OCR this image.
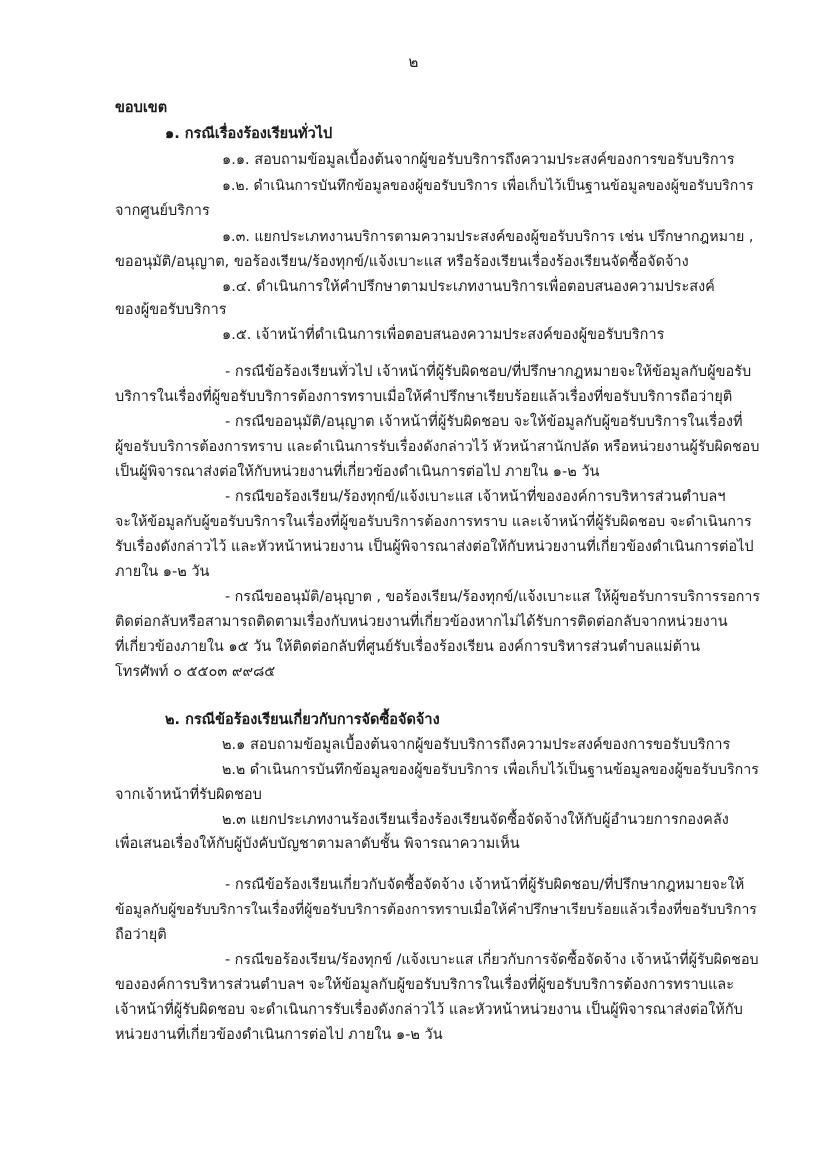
๒
ขอบเขต
๑. กรณีเรื่องร้องเรียนทั่วไป
๑.๑. สอบถามข้อมูลเบื้องต้นจากผู้ขอรับบริการถึงความประสงค์ของการขอรับบริการ
๑.๒. ดำเนินการบันทึกข้อมูลของผู้ขอรับบริการ เพื่อเก็บไว้เป็นฐานข้อมูลของผู้ขอรับบริการ
จากศูนย์บริการ
๑.๓. แยกประเภทงานบริการตามความประสงค์ของผู้ขอรับบริการ เช่น ปรึกษากฎหมาย ,
ขออนุมัติ/อนุญาต, ขอร้องเรียน/ร้องทุกข์/แจ้งเบาะแส หรือร้องเรียนเรื่องร้องเรียนจัดซื้อจัดจ้าง
๑.๔. ดำเนินการให้คำปรึกษาตามประเภทงานบริการเพื่อตอบสนองความประสงค์
ของผู้ขอรับบริการ
๑.๕. เจ้าหน้าที่ดำเนินการเพื่อตอบสนองความประสงค์ของผู้ขอรับบริการ
- กรณีข้อร้องเรียนทั่วไป เจ้าหน้าที่ผู้รับผิดชอบ/ที่ปรึกษากฎหมายจะให้ข้อมูลกับผู้ขอรับ
บริการในเรื่องที่ผู้ขอรับบริการต้องการทราบเมื่อให้คำปรึกษาเรียบร้อยแล้วเรื่องที่ขอรับบริการถือว่ายุติ
- กรณีขออนุมัติ/อนุญาต เจ้าหน้าที่ผู้รับผิดชอบ จะให้ข้อมูลกับผู้ขอรับบริการในเรื่องที่
ผู้ขอรับบริการต้องการทราบ และดำเนินการรับเรื่องดังกล่าวไว้ หัวหน้าสานักปลัด หรือหน่วยงานผู้รับผิดชอบ
เป็นผู้พิจารณาส่งต่อให้กับหน่วยงานที่เกี่ยวข้องดำเนินการต่อไป ภายใน ๑-๒ วัน
- กรณีขอร้องเรียน/ร้องทุกข์/แจ้งเบาะแส เจ้าหน้าที่ขององค์การบริหารส่วนตำบลฯ
จะให้ข้อมูลกับผู้ขอรับบริการในเรื่องที่ผู้ขอรับบริการต้องการทราบ และเจ้าหน้าที่ผู้รับผิดชอบ จะดำเนินการ
รับเรื่องดังกล่าวไว้ และหัวหน้าหน่วยงาน เป็นผู้พิจารณาส่งต่อให้กับหน่วยงานที่เกี่ยวข้องดำเนินการต่อไป
ภายใน ๑-๒ วัน
- กรณีขออนุมัติ/อนุญาต , ขอร้องเรียน/ร้องทุกข์/แจ้งเบาะแส ให้ผู้ขอรับการบริการรอการ
ติดต่อกลับหรือสามารถติดตามเรื่องกับหน่วยงานที่เกี่ยวข้องหากไม่ได้รับการติดต่อกลับจากหน่วยงาน
ที่เกี่ยวข้องภายใน ๑๕ วัน ให้ติดต่อกลับที่ศูนย์รับเรื่องร้องเรียน องค์การบริหารส่วนตำบลแม่ต้าน
โทรศัพท์ ๐ ๕๕๐๓ ๙๙๘๕
๒. กรณีข้อร้องเรียนเกี่ยวกับการจัดซื้อจัดจ้าง
๒.๑ สอบถามข้อมูลเบื้องต้นจากผู้ขอรับบริการถึงความประสงค์ของการขอรับบริการ
๒.๒ ดำเนินการบันทึกข้อมูลของผู้ขอรับบริการ เพื่อเก็บไว้เป็นฐานข้อมูลของผู้ขอรับบริการ
จากเจ้าหน้าที่รับผิดชอบ
๒.๓ แยกประเภทงานร้องเรียนเรื่องร้องเรียนจัดซื้อจัดจ้างให้กับผู้อำนวยการกองคลัง
เพื่อเสนอเรื่องให้กับผู้บังคับบัญชาตามลาดับชั้น พิจารณาความเห็น
- กรณีข้อร้องเรียนเกี่ยวกับจัดซื้อจัดจ้าง เจ้าหน้าที่ผู้รับผิดชอบ/ที่ปรึกษากฎหมายจะให้
ข้อมูลกับผู้ขอรับบริการในเรื่องที่ผู้ขอรับบริการต้องการทราบเมื่อให้คำปรึกษาเรียบร้อยแล้วเรื่องที่ขอรับบริการ
ถือว่ายุติ
- กรณีขอร้องเรียน/ร้องทุกข์ /แจ้งเบาะแส เกี่ยวกับการจัดซื้อจัดจ้าง เจ้าหน้าที่ผู้รับผิดชอบ
ขององค์การบริหารส่วนตำบลฯ จะให้ข้อมูลกับผู้ขอรับบริการในเรื่องที่ผู้ขอรับบริการต้องการทราบและ
เจ้าหน้าที่ผู้รับผิดชอบ จะดำเนินการรับเรื่องดังกล่าวไว้ และหัวหน้าหน่วยงาน เป็นผู้พิจารณาส่งต่อให้กับ
หน่วยงานที่เกี่ยวข้องดำเนินการต่อไป ภายใน ๑-๒ วัน
